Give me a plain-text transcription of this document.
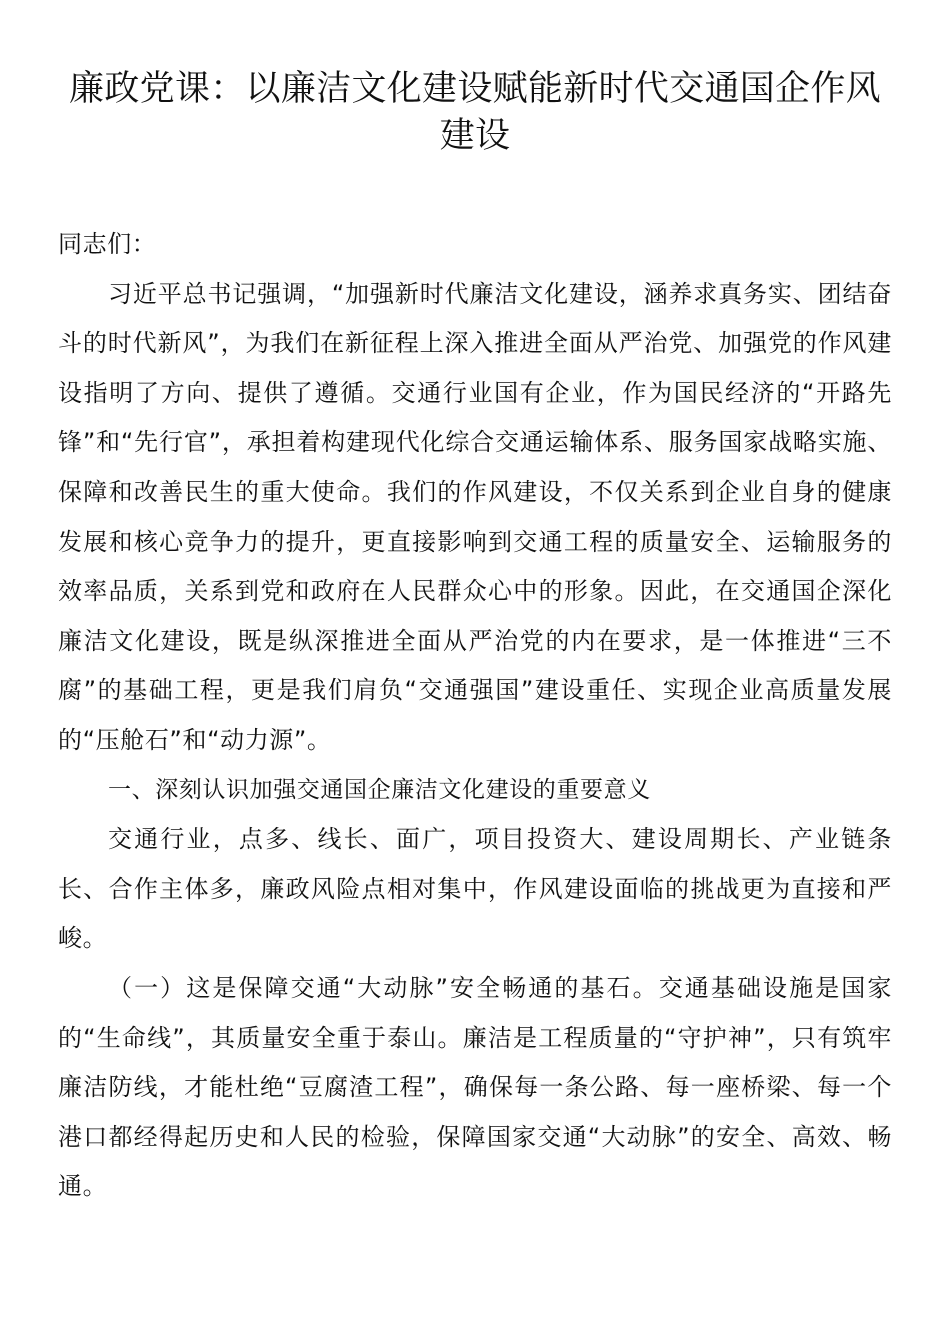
廉政党课：以廉洁文化建设赋能新时代交通国企作风建设

同志们：

习近平总书记强调，“加强新时代廉洁文化建设，涵养求真务实、团结奋斗的时代新风”，为我们在新征程上深入推进全面从严治党、加强党的作风建设指明了方向、提供了遵循。交通行业国有企业，作为国民经济的“开路先锋”和“先行官”，承担着构建现代化综合交通运输体系、服务国家战略实施、保障和改善民生的重大使命。我们的作风建设，不仅关系到企业自身的健康发展和核心竞争力的提升，更直接影响到交通工程的质量安全、运输服务的效率品质，关系到党和政府在人民群众心中的形象。因此，在交通国企深化廉洁文化建设，既是纵深推进全面从严治党的内在要求，是一体推进“三不腐”的基础工程，更是我们肩负“交通强国”建设重任、实现企业高质量发展的“压舱石”和“动力源”。

一、深刻认识加强交通国企廉洁文化建设的重要意义

交通行业，点多、线长、面广，项目投资大、建设周期长、产业链条长、合作主体多，廉政风险点相对集中，作风建设面临的挑战更为直接和严峻。

（一）这是保障交通“大动脉”安全畅通的基石。交通基础设施是国家的“生命线”，其质量安全重于泰山。廉洁是工程质量的“守护神”，只有筑牢廉洁防线，才能杜绝“豆腐渣工程”，确保每一条公路、每一座桥梁、每一个港口都经得起历史和人民的检验，保障国家交通“大动脉”的安全、高效、畅通。
